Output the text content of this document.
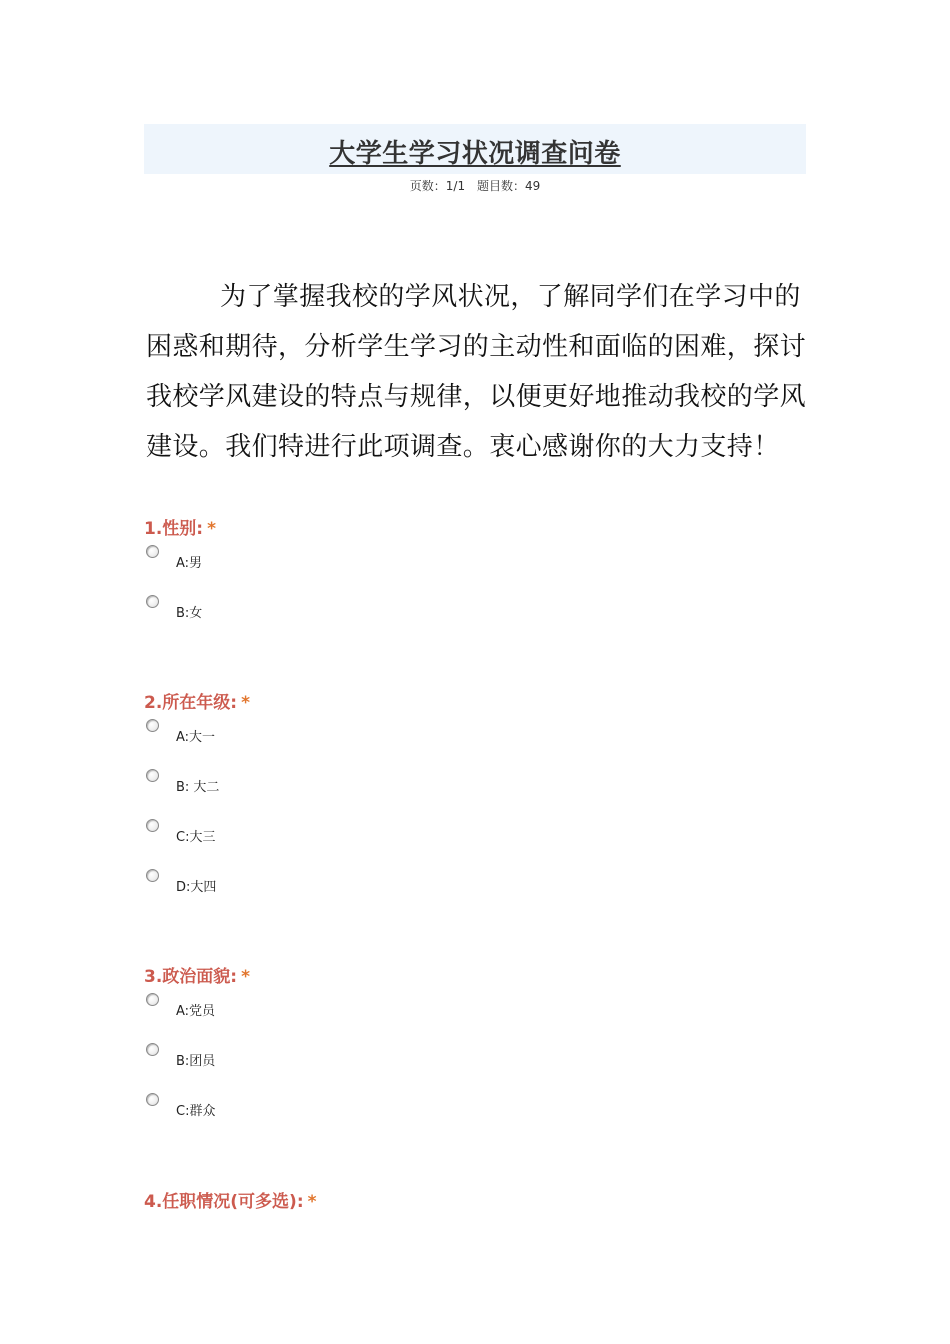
大学生学习状况调查问卷
页数：1/1 题目数：49
为了掌握我校的学风状况，了解同学们在学习中的困惑和期待，分析学生学习的主动性和面临的困难，探讨我校学风建设的特点与规律，以便更好地推动我校的学风建设。我们特进行此项调查。衷心感谢你的大力支持！
1.性别: *
A:男
B:女
2.所在年级: *
A:大一
B: 大二
C:大三
D:大四
3.政治面貌: *
A:党员
B:团员
C:群众
4.任职情况(可多选): *
